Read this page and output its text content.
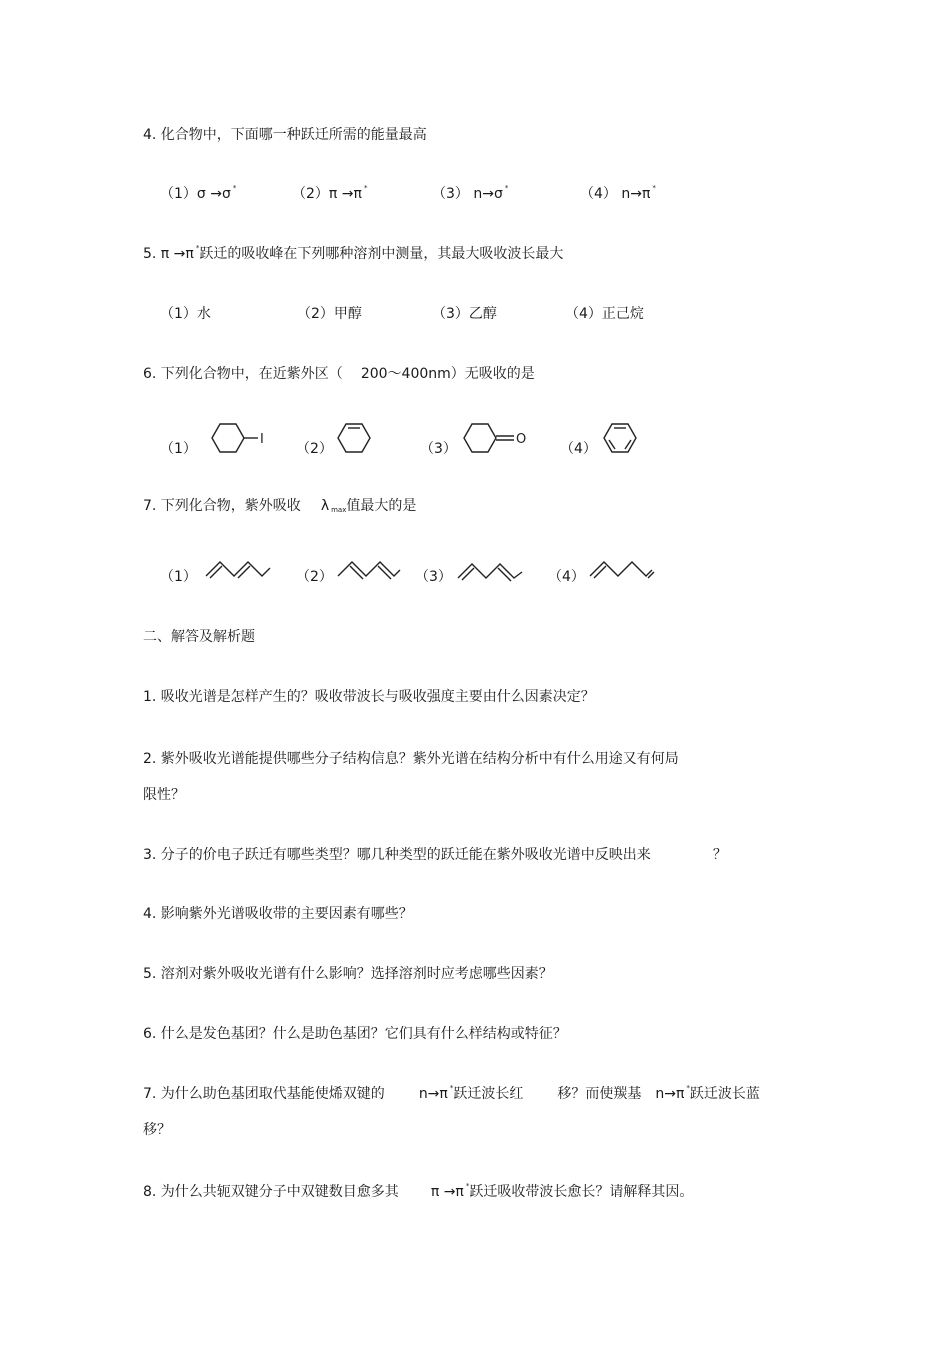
4. 化合物中，下面哪一种跃迁所需的能量最高
（1）σ →σ *	（2）π →π *	（3） n→σ *	（4） n→π *
5. π →π *跃迁的吸收峰在下列哪种溶剂中测量，其最大吸收波长最大
（1）水	（2）甲醇	（3）乙醇	（4）正己烷
6. 下列化合物中，在近紫外区（ 200～400nm）无吸收的是
（1）
I
（2）	（3）
O
（4）
7. 下列化合物，紫外吸收 λ max值最大的是
（1）	（2）	（3）	（4）
二、解答及解析题
1. 吸收光谱是怎样产生的？吸收带波长与吸收强度主要由什么因素决定？
2. 紫外吸收光谱能提供哪些分子结构信息？紫外光谱在结构分析中有什么用途又有何局
限性？
3. 分子的价电子跃迁有哪些类型？哪几种类型的跃迁能在紫外吸收光谱中反映出来	？
4. 影响紫外光谱吸收带的主要因素有哪些？
5. 溶剂对紫外吸收光谱有什么影响？选择溶剂时应考虑哪些因素？
6. 什么是发色基团？什么是助色基团？它们具有什么样结构或特征？
7. 为什么助色基团取代基能使烯双键的 n→π *跃迁波长红 移？而使羰基 n→π *跃迁波长蓝
移？
8. 为什么共轭双键分子中双键数目愈多其 π →π *跃迁吸收带波长愈长？请解释其因。
